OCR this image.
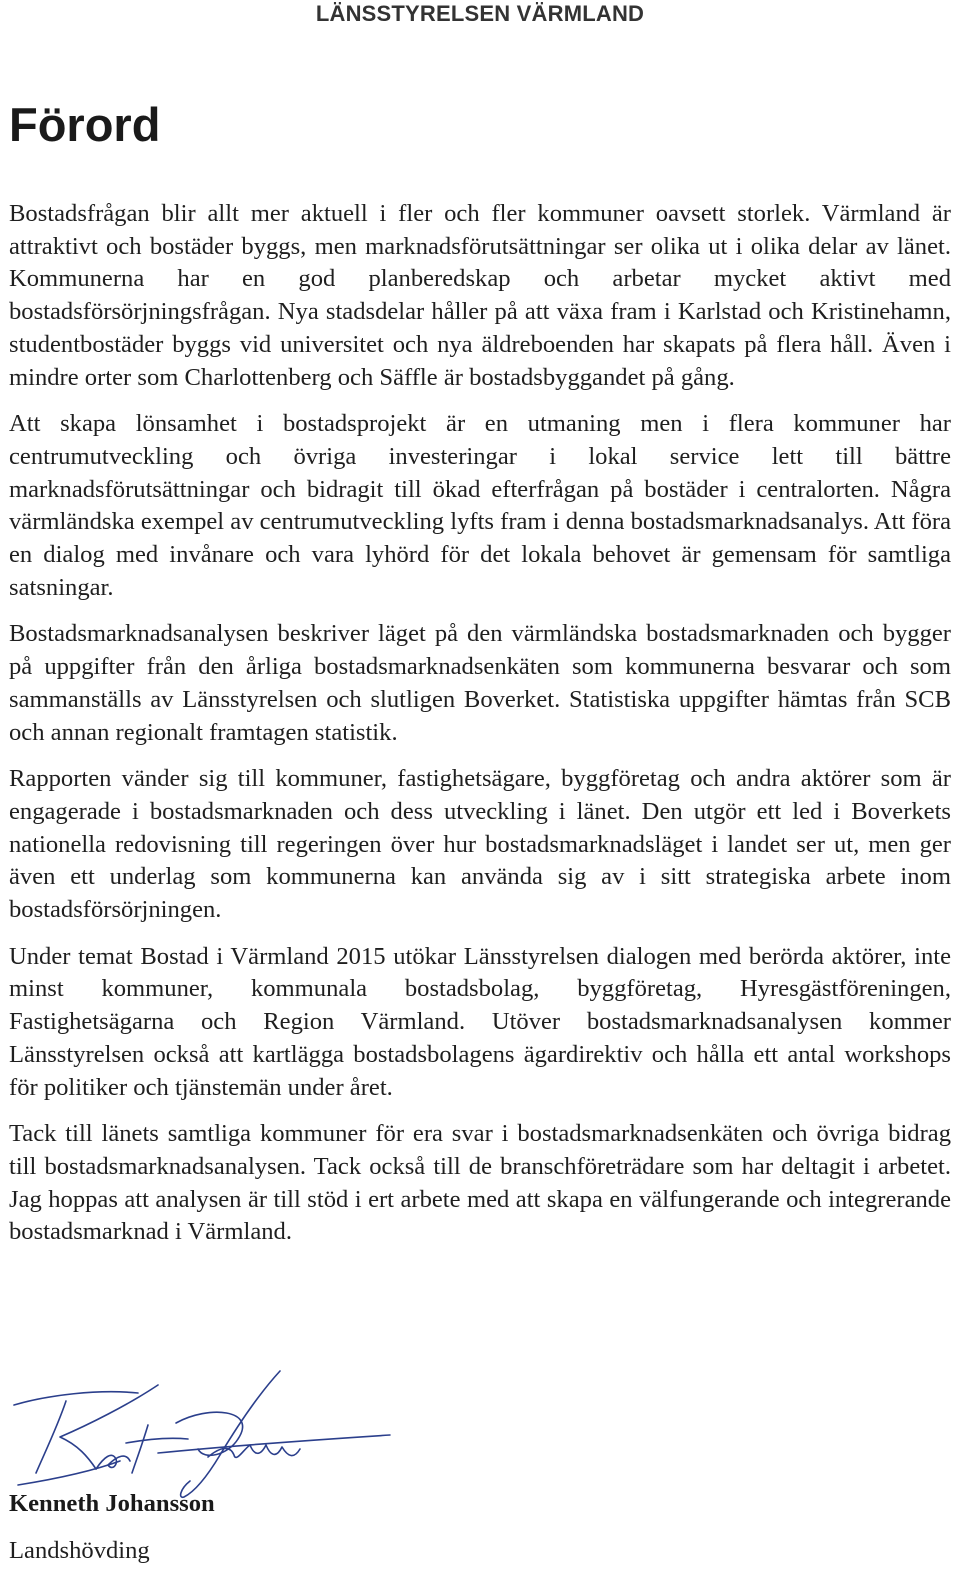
LÄNSSTYRELSEN VÄRMLAND
Förord

Bostadsfrågan blir allt mer aktuell i fler och fler kommuner oavsett storlek. Värmland är attraktivt och bostäder byggs, men marknadsförutsättningar ser olika ut i olika delar av länet. Kommunerna har en god planberedskap och arbetar mycket aktivt med bostadsförsörjningsfrågan. Nya stadsdelar håller på att växa fram i Karlstad och Kristinehamn, studentbostäder byggs vid universitet och nya äldreboenden har skapats på flera håll. Även i mindre orter som Charlottenberg och Säffle är bostadsbyggandet på gång.

Att skapa lönsamhet i bostadsprojekt är en utmaning men i flera kommuner har centrumutveckling och övriga investeringar i lokal service lett till bättre marknadsförutsättningar och bidragit till ökad efterfrågan på bostäder i centralorten. Några värmländska exempel av centrumutveckling lyfts fram i denna bostadsmarknadsanalys. Att föra en dialog med invånare och vara lyhörd för det lokala behovet är gemensam för samtliga satsningar.

Bostadsmarknadsanalysen beskriver läget på den värmländska bostadsmarknaden och bygger på uppgifter från den årliga bostadsmarknadsenkäten som kommunerna besvarar och som sammanställs av Länsstyrelsen och slutligen Boverket. Statistiska uppgifter hämtas från SCB och annan regionalt framtagen statistik.

Rapporten vänder sig till kommuner, fastighetsägare, byggföretag och andra aktörer som är engagerade i bostadsmarknaden och dess utveckling i länet. Den utgör ett led i Boverkets nationella redovisning till regeringen över hur bostadsmarknadsläget i landet ser ut, men ger även ett underlag som kommunerna kan använda sig av i sitt strategiska arbete inom bostadsförsörjningen.

Under temat Bostad i Värmland 2015 utökar Länsstyrelsen dialogen med berörda aktörer, inte minst kommuner, kommunala bostadsbolag, byggföretag, Hyresgästföreningen, Fastighetsägarna och Region Värmland. Utöver bostadsmarknadsanalysen kommer Länsstyrelsen också att kartlägga bostadsbolagens ägardirektiv och hålla ett antal workshops för politiker och tjänstemän under året.

Tack till länets samtliga kommuner för era svar i bostadsmarknadsenkäten och övriga bidrag till bostadsmarknadsanalysen. Tack också till de branschföreträdare som har deltagit i arbetet. Jag hoppas att analysen är till stöd i ert arbete med att skapa en välfungerande och integrerande bostadsmarknad i Värmland.

Kenneth Johansson
Landshövding
